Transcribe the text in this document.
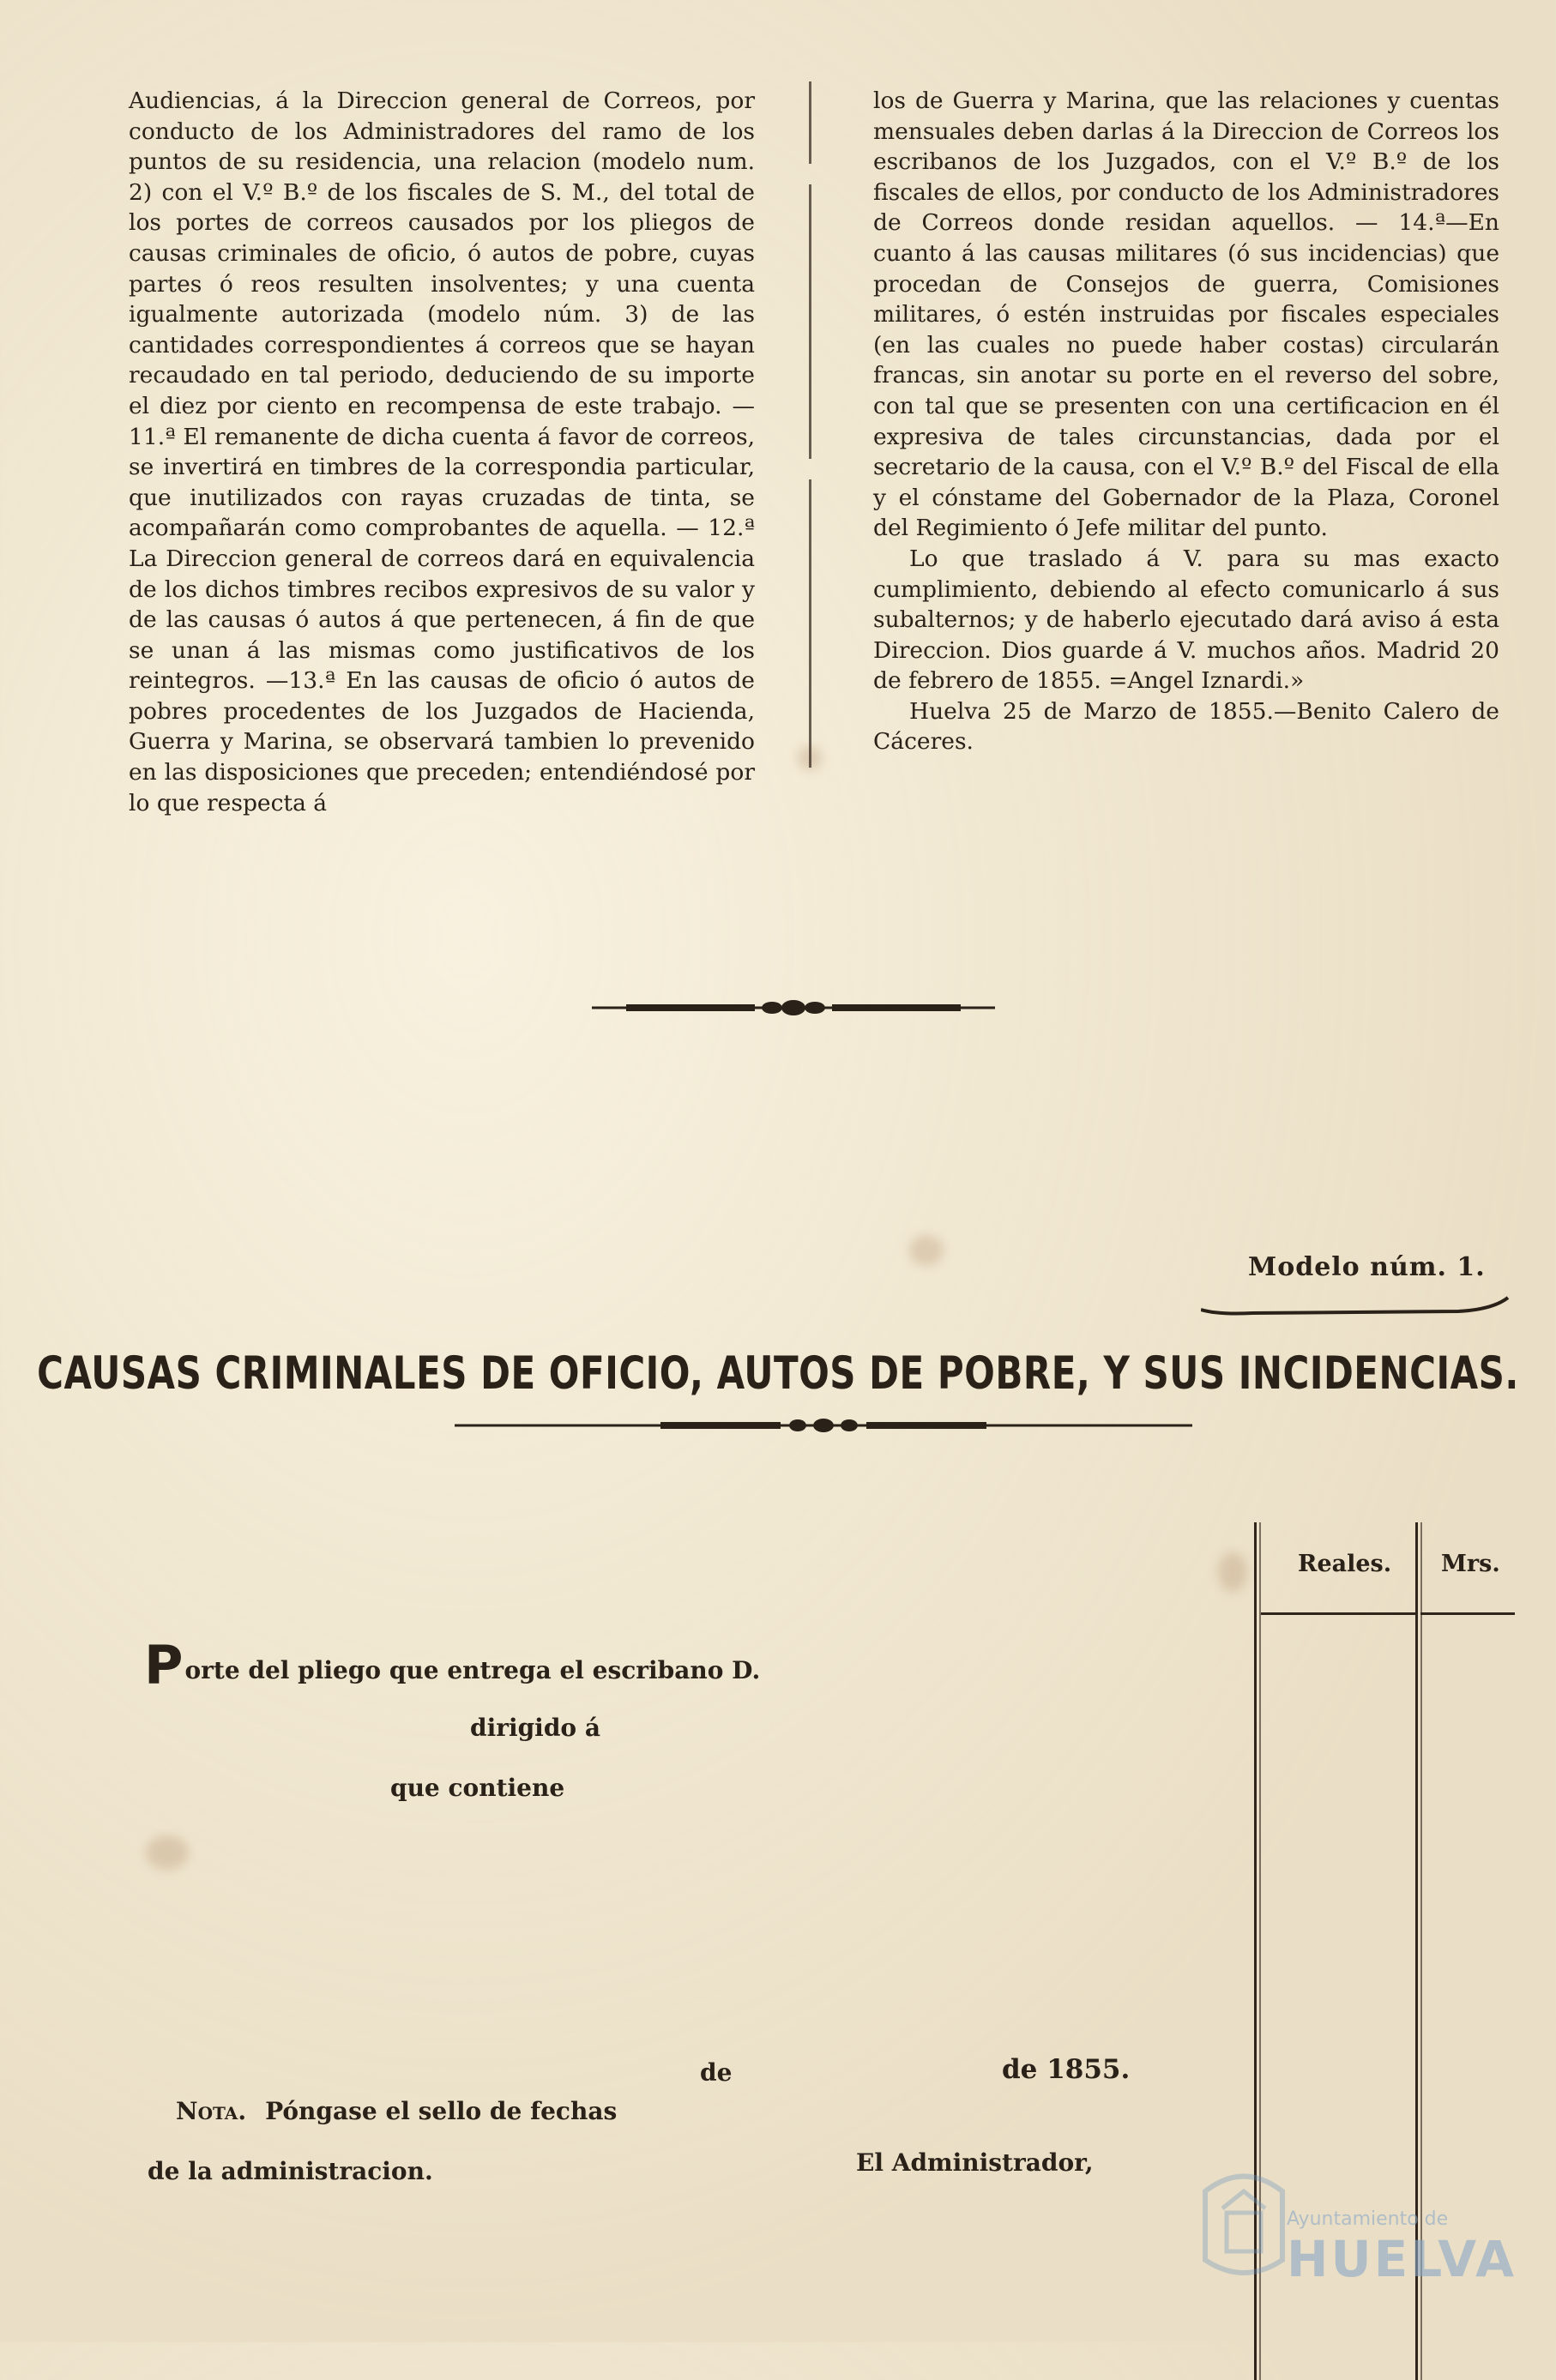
Audiencias, á la Direccion general de Correos, por conducto de los Administradores del ramo de los puntos de su residencia, una relacion (modelo num. 2) con el V.º B.º de los fiscales de S. M., del total de los portes de correos causados por los pliegos de causas criminales de oficio, ó autos de pobre, cuyas partes ó reos resulten insolventes; y una cuenta igualmente autorizada (modelo núm. 3) de las cantidades correspondientes á correos que se hayan recaudado en tal periodo, deduciendo de su importe el diez por ciento en recompensa de este trabajo. —11.ª El remanente de dicha cuenta á favor de correos, se invertirá en timbres de la correspondia particular, que inutilizados con rayas cruzadas de tinta, se acompañarán como comprobantes de aquella. — 12.ª La Direccion general de correos dará en equivalencia de los dichos timbres recibos expresivos de su valor y de las causas ó autos á que pertenecen, á fin de que se unan á las mismas como justificativos de los reintegros. —13.ª En las causas de oficio ó autos de pobres procedentes de los Juzgados de Hacienda, Guerra y Marina, se observará tambien lo prevenido en las disposiciones que preceden; entendiéndosé por lo que respecta á

los de Guerra y Marina, que las relaciones y cuentas mensuales deben darlas á la Direccion de Correos los escribanos de los Juzgados, con el V.º B.º de los fiscales de ellos, por conducto de los Administradores de Correos donde residan aquellos. — 14.ª—En cuanto á las causas militares (ó sus incidencias) que procedan de Consejos de guerra, Comisiones militares, ó estén instruidas por fiscales especiales (en las cuales no puede haber costas) circularán francas, sin anotar su porte en el reverso del sobre, con tal que se presenten con una certificacion en él expresiva de tales circunstancias, dada por el secretario de la causa, con el V.º B.º del Fiscal de ella y el cónstame del Gobernador de la Plaza, Coronel del Regimiento ó Jefe militar del punto.

Lo que traslado á V. para su mas exacto cumplimiento, debiendo al efecto comunicarlo á sus subalternos; y de haberlo ejecutado dará aviso á esta Direccion. Dios guarde á V. muchos años. Madrid 20 de febrero de 1855. =Angel Iznardi.»

Huelva 25 de Marzo de 1855.—Benito Calero de Cáceres.

Modelo núm. 1.
CAUSAS CRIMINALES DE OFICIO, AUTOS DE POBRE, Y SUS INCIDENCIAS.
Reales. Mrs.
Porte del pliego que entrega el escribano D.
dirigido á
que contiene
de	de 1855.
Nota. Póngase el sello de fechas
de la administracion.	El Administrador,
Ayuntamiento de
HUELVA
